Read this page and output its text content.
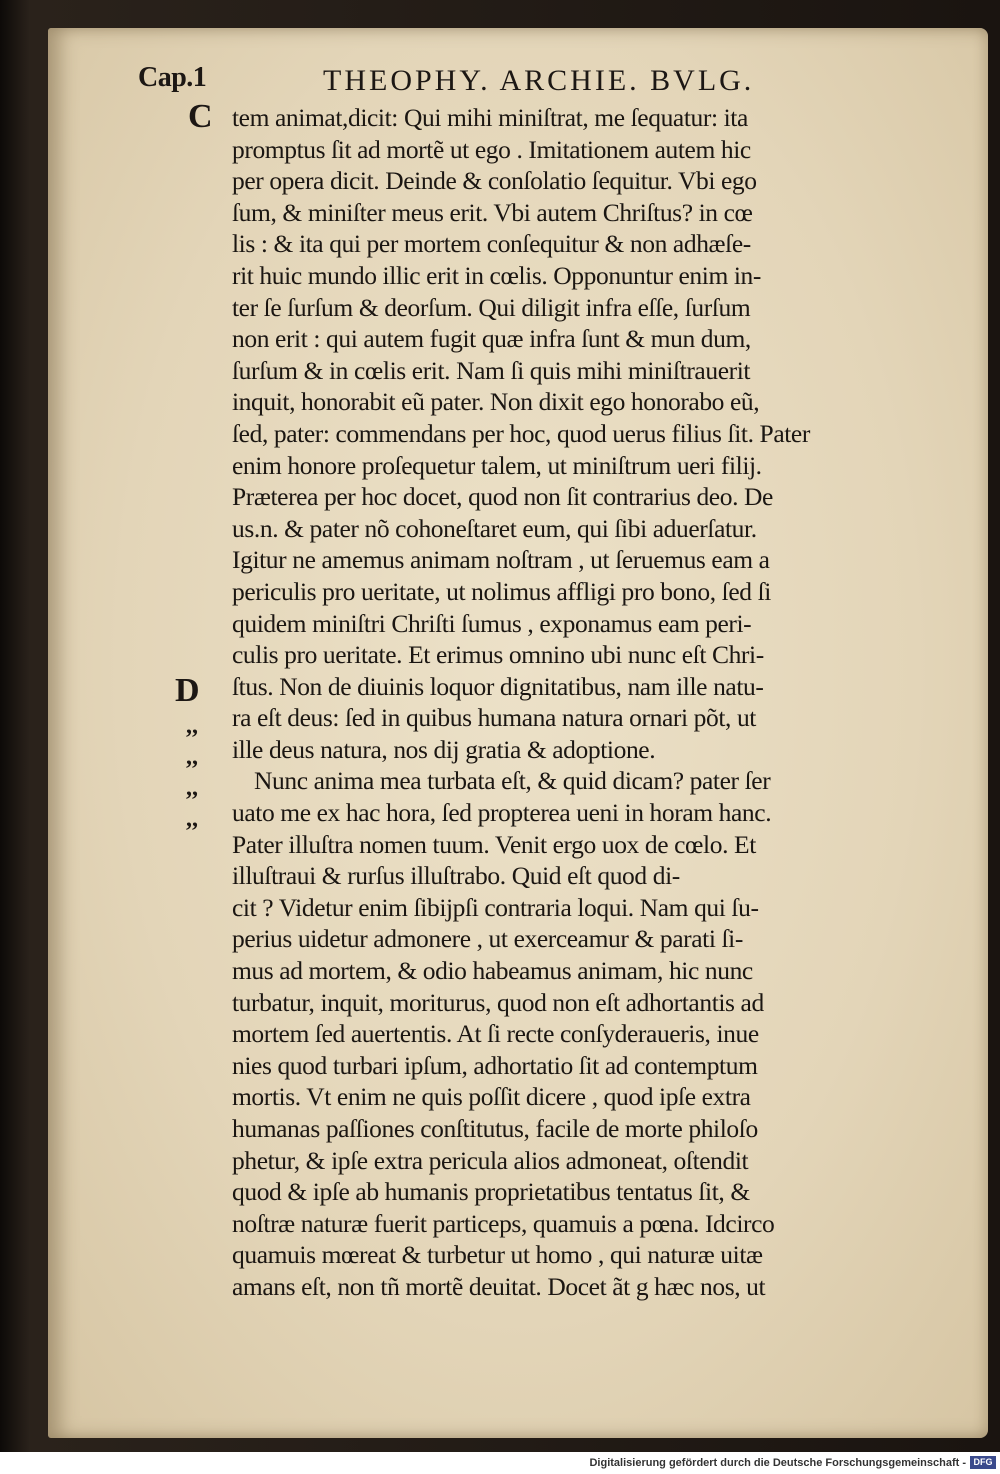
Cap.1	THEOPHY. ARCHIE. BVLG.
C
D
,,
,,
,,
,,
tem animat,dicit: Qui mihi miniſtrat, me ſequatur: ita
promptus ſit ad mortẽ ut ego . Imitationem autem hic
per opera dicit. Deinde & conſolatio ſequitur. Vbi ego
ſum, & miniſter meus erit. Vbi autem Chriſtus? in cœ
lis : & ita qui per mortem conſequitur & non adhæſe-
rit huic mundo illic erit in cœlis. Opponuntur enim in-
ter ſe ſurſum & deorſum. Qui diligit infra eſſe, ſurſum
non erit : qui autem fugit quæ infra ſunt & mun dum,
ſurſum & in cœlis erit. Nam ſi quis mihi miniſtrauerit
inquit, honorabit eũ pater. Non dixit ego honorabo eũ,
ſed, pater: commendans per hoc, quod uerus filius ſit. Pater
enim honore proſequetur talem, ut miniſtrum ueri filij.
Præterea per hoc docet, quod non ſit contrarius deo. De
us.n. & pater nõ cohoneſtaret eum, qui ſibi aduerſatur.
Igitur ne amemus animam noſtram , ut ſeruemus eam a
periculis pro ueritate, ut nolimus affligi pro bono, ſed ſi
quidem miniſtri Chriſti ſumus , exponamus eam peri-
culis pro ueritate. Et erimus omnino ubi nunc eſt Chri-
ſtus. Non de diuinis loquor dignitatibus, nam ille natu-
ra eſt deus: ſed in quibus humana natura ornari põt, ut
ille deus natura, nos dij gratia & adoptione.
Nunc anima mea turbata eſt, & quid dicam? pater ſer
uato me ex hac hora, ſed propterea ueni in horam hanc.
Pater illuſtra nomen tuum. Venit ergo uox de cœlo. Et
illuſtraui & rurſus illuſtrabo. Quid eſt quod di-
cit ? Videtur enim ſibijpſi contraria loqui. Nam qui ſu-
perius uidetur admonere , ut exerceamur & parati ſi-
mus ad mortem, & odio habeamus animam, hic nunc
turbatur, inquit, moriturus, quod non eſt adhortantis ad
mortem ſed auertentis. At ſi recte conſyderaueris, inue
nies quod turbari ipſum, adhortatio ſit ad contemptum
mortis. Vt enim ne quis poſſit dicere , quod ipſe extra
humanas paſſiones conſtitutus, facile de morte philoſo
phetur, & ipſe extra pericula alios admoneat, oſtendit
quod & ipſe ab humanis proprietatibus tentatus ſit, &
noſtræ naturæ fuerit particeps, quamuis a pœna. Idcirco
quamuis mœreat & turbetur ut homo , qui naturæ uitæ
amans eſt, non tñ mortẽ deuitat. Docet ãt g hæc nos, ut
Digitalisierung gefördert durch die Deutsche Forschungsgemeinschaft - DFG
